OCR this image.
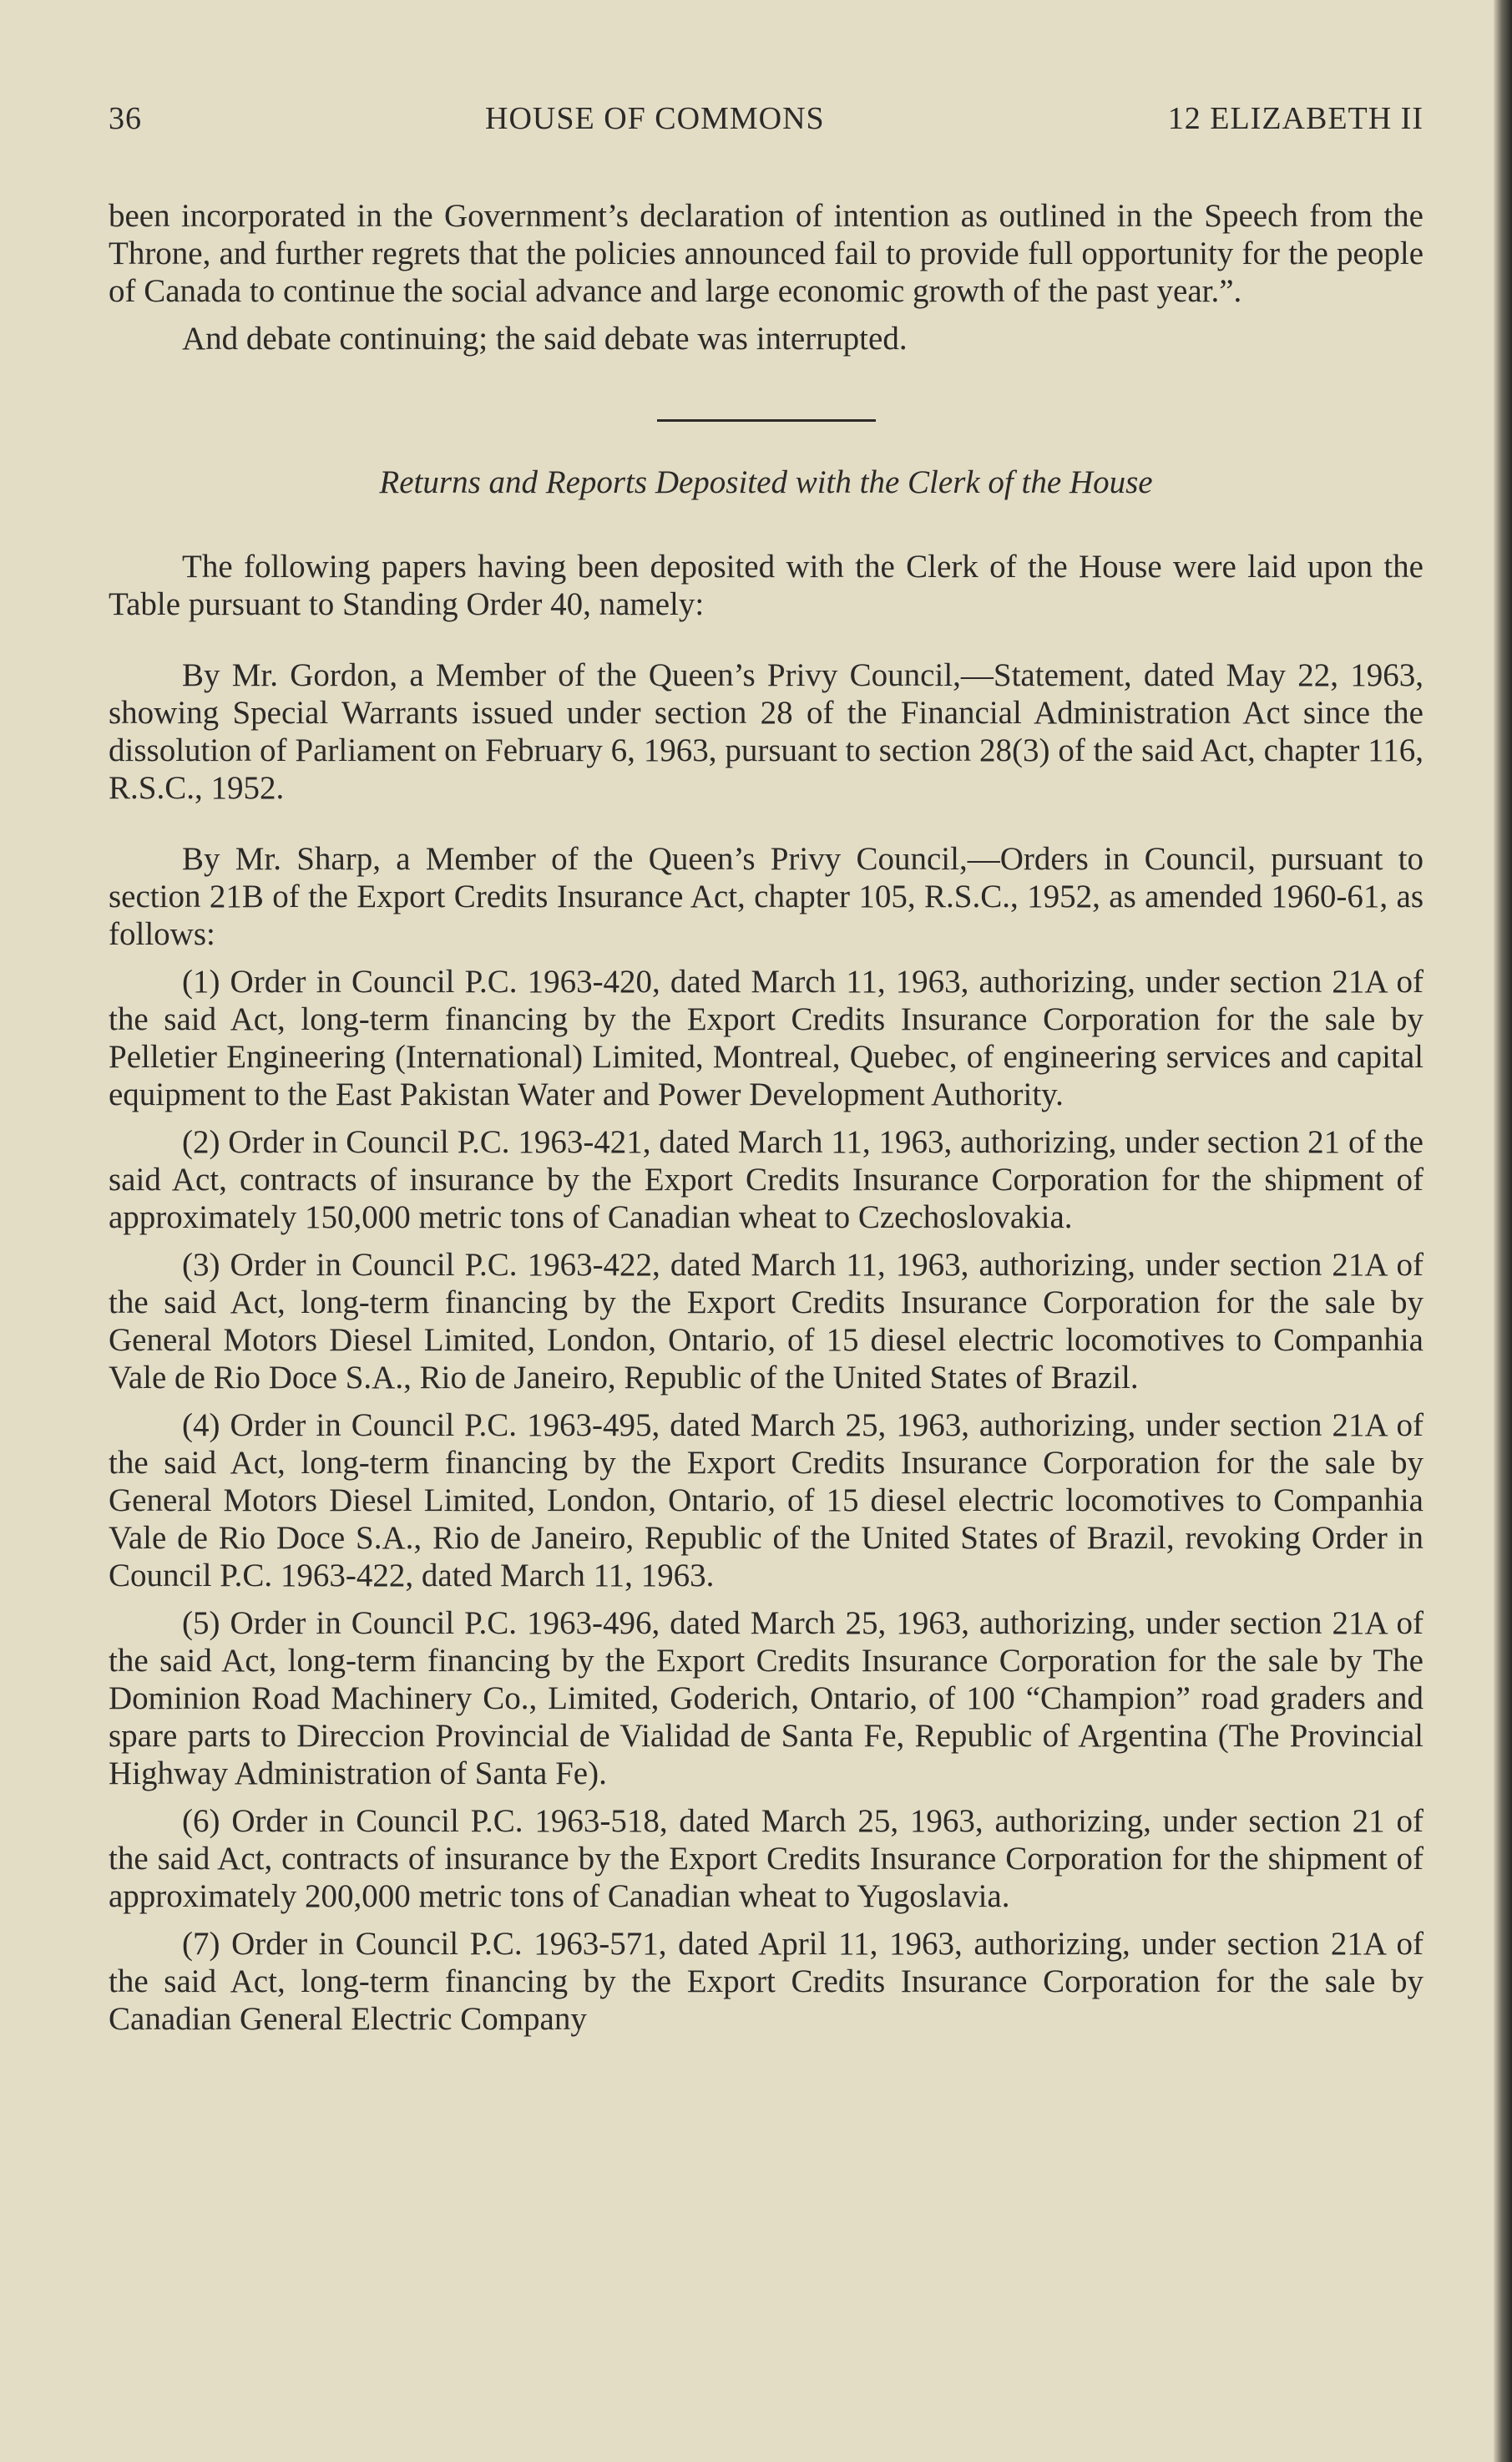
36	HOUSE OF COMMONS	12 ELIZABETH II

been incorporated in the Government’s declaration of intention as outlined in the Speech from the Throne, and further regrets that the policies announced fail to provide full opportunity for the people of Canada to continue the social advance and large economic growth of the past year.”.

And debate continuing; the said debate was interrupted.

Returns and Reports Deposited with the Clerk of the House

The following papers having been deposited with the Clerk of the House were laid upon the Table pursuant to Standing Order 40, namely:

By Mr. Gordon, a Member of the Queen’s Privy Council,—Statement, dated May 22, 1963, showing Special Warrants issued under section 28 of the Financial Administration Act since the dissolution of Parliament on February 6, 1963, pursuant to section 28(3) of the said Act, chapter 116, R.S.C., 1952.

By Mr. Sharp, a Member of the Queen’s Privy Council,—Orders in Council, pursuant to section 21B of the Export Credits Insurance Act, chapter 105, R.S.C., 1952, as amended 1960-61, as follows:

(1) Order in Council P.C. 1963-420, dated March 11, 1963, authorizing, under section 21A of the said Act, long-term financing by the Export Credits Insurance Corporation for the sale by Pelletier Engineering (International) Limited, Montreal, Quebec, of engineering services and capital equipment to the East Pakistan Water and Power Development Authority.

(2) Order in Council P.C. 1963-421, dated March 11, 1963, authorizing, under section 21 of the said Act, contracts of insurance by the Export Credits Insurance Corporation for the shipment of approximately 150,000 metric tons of Canadian wheat to Czechoslovakia.

(3) Order in Council P.C. 1963-422, dated March 11, 1963, authorizing, under section 21A of the said Act, long-term financing by the Export Credits Insurance Corporation for the sale by General Motors Diesel Limited, London, Ontario, of 15 diesel electric locomotives to Companhia Vale de Rio Doce S.A., Rio de Janeiro, Republic of the United States of Brazil.

(4) Order in Council P.C. 1963-495, dated March 25, 1963, authorizing, under section 21A of the said Act, long-term financing by the Export Credits Insurance Corporation for the sale by General Motors Diesel Limited, London, Ontario, of 15 diesel electric locomotives to Companhia Vale de Rio Doce S.A., Rio de Janeiro, Republic of the United States of Brazil, revoking Order in Council P.C. 1963-422, dated March 11, 1963.

(5) Order in Council P.C. 1963-496, dated March 25, 1963, authorizing, under section 21A of the said Act, long-term financing by the Export Credits Insurance Corporation for the sale by The Dominion Road Machinery Co., Limited, Goderich, Ontario, of 100 “Champion” road graders and spare parts to Direccion Provincial de Vialidad de Santa Fe, Republic of Argentina (The Provincial Highway Administration of Santa Fe).

(6) Order in Council P.C. 1963-518, dated March 25, 1963, authorizing, under section 21 of the said Act, contracts of insurance by the Export Credits Insurance Corporation for the shipment of approximately 200,000 metric tons of Canadian wheat to Yugoslavia.

(7) Order in Council P.C. 1963-571, dated April 11, 1963, authorizing, under section 21A of the said Act, long-term financing by the Export Credits Insurance Corporation for the sale by Canadian General Electric Company
